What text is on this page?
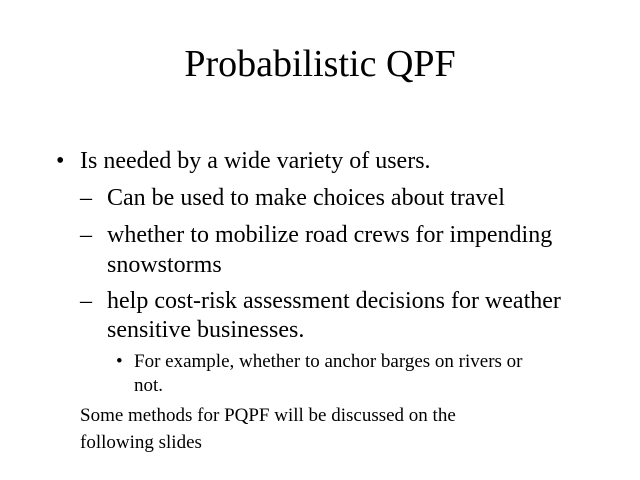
Probabilistic QPF
• Is needed by a wide variety of users.
– Can be used to make choices about travel
– whether to mobilize road crews for impending
snowstorms
– help cost-risk assessment decisions for weather
sensitive businesses.
• For example, whether to anchor barges on rivers or
not.
Some methods for PQPF will be discussed on the
following slides
